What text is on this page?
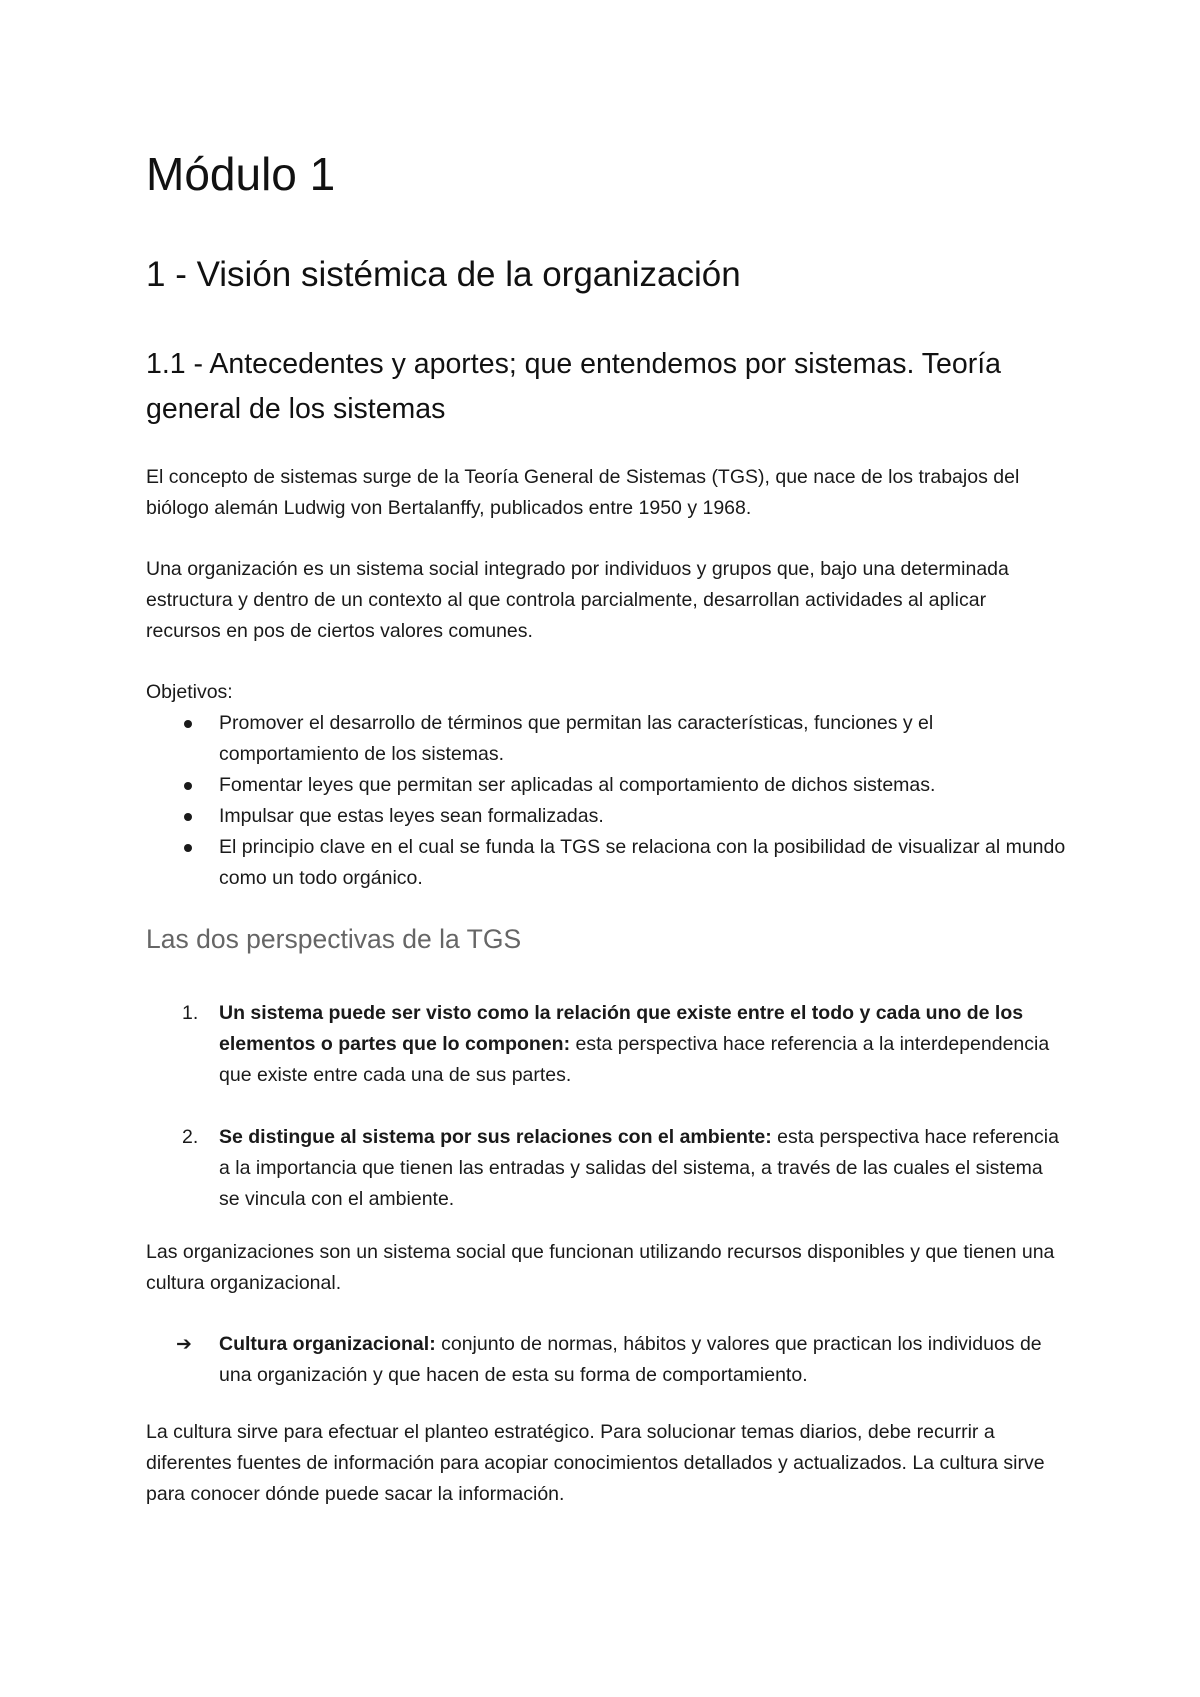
Módulo 1
1 - Visión sistémica de la organización
1.1 - Antecedentes y aportes; que entendemos por sistemas. Teoría general de los sistemas

El concepto de sistemas surge de la Teoría General de Sistemas (TGS), que nace de los trabajos del biólogo alemán Ludwig von Bertalanffy, publicados entre 1950 y 1968.

Una organización es un sistema social integrado por individuos y grupos que, bajo una determinada estructura y dentro de un contexto al que controla parcialmente, desarrollan actividades al aplicar recursos en pos de ciertos valores comunes.

Objetivos:

Promover el desarrollo de términos que permitan las características, funciones y el comportamiento de los sistemas.
Fomentar leyes que permitan ser aplicadas al comportamiento de dichos sistemas.
Impulsar que estas leyes sean formalizadas.
El principio clave en el cual se funda la TGS se relaciona con la posibilidad de visualizar al mundo como un todo orgánico.
Las dos perspectivas de la TGS
1. Un sistema puede ser visto como la relación que existe entre el todo y cada uno de los elementos o partes que lo componen: esta perspectiva hace referencia a la interdependencia que existe entre cada una de sus partes.
2. Se distingue al sistema por sus relaciones con el ambiente: esta perspectiva hace referencia a la importancia que tienen las entradas y salidas del sistema, a través de las cuales el sistema se vincula con el ambiente.

Las organizaciones son un sistema social que funcionan utilizando recursos disponibles y que tienen una cultura organizacional.

➔ Cultura organizacional: conjunto de normas, hábitos y valores que practican los individuos de una organización y que hacen de esta su forma de comportamiento.

La cultura sirve para efectuar el planteo estratégico. Para solucionar temas diarios, debe recurrir a diferentes fuentes de información para acopiar conocimientos detallados y actualizados. La cultura sirve para conocer dónde puede sacar la información.
